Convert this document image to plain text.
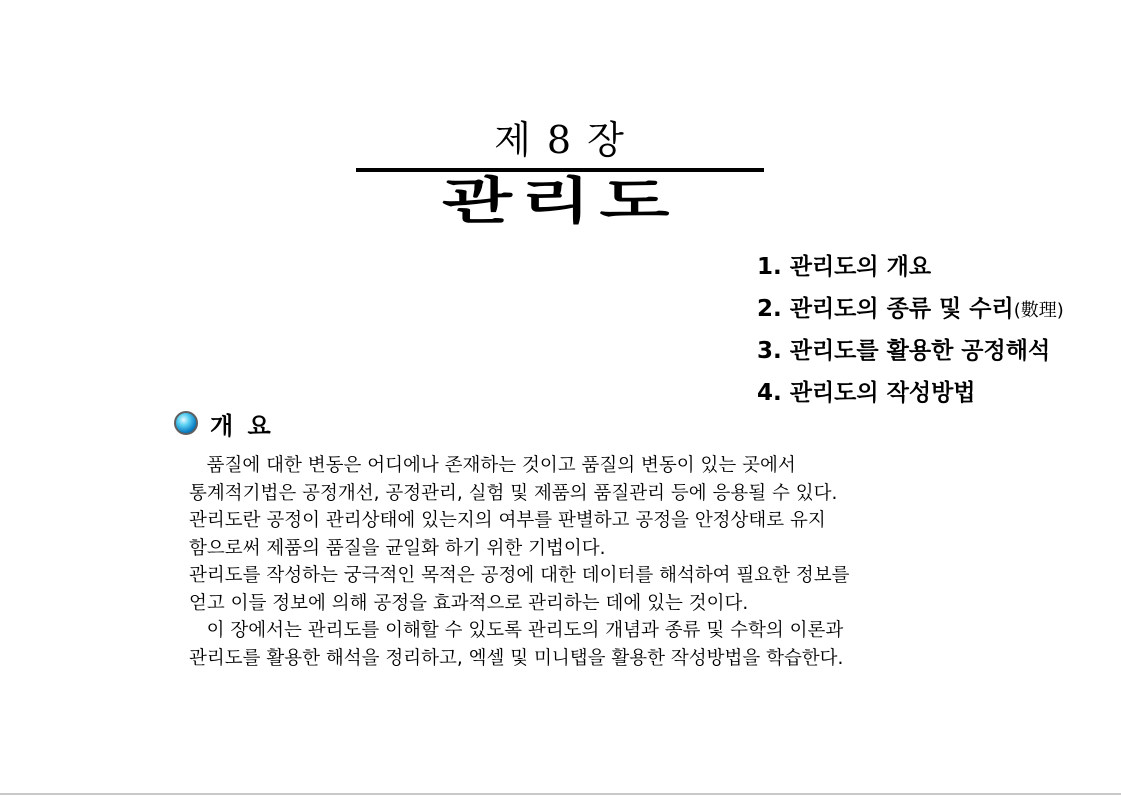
제 8 장
관리도
1. 관리도의 개요
2. 관리도의 종류 및 수리(數理)
3. 관리도를 활용한 공정해석
4. 관리도의 작성방법
개 요
품질에 대한 변동은 어디에나 존재하는 것이고 품질의 변동이 있는 곳에서
통계적기법은 공정개선, 공정관리, 실험 및 제품의 품질관리 등에 응용될 수 있다.
관리도란 공정이 관리상태에 있는지의 여부를 판별하고 공정을 안정상태로 유지
함으로써 제품의 품질을 균일화 하기 위한 기법이다.
관리도를 작성하는 궁극적인 목적은 공정에 대한 데이터를 해석하여 필요한 정보를
얻고 이들 정보에 의해 공정을 효과적으로 관리하는 데에 있는 것이다.
이 장에서는 관리도를 이해할 수 있도록 관리도의 개념과 종류 및 수학의 이론과
관리도를 활용한 해석을 정리하고, 엑셀 및 미니탭을 활용한 작성방법을 학습한다.
